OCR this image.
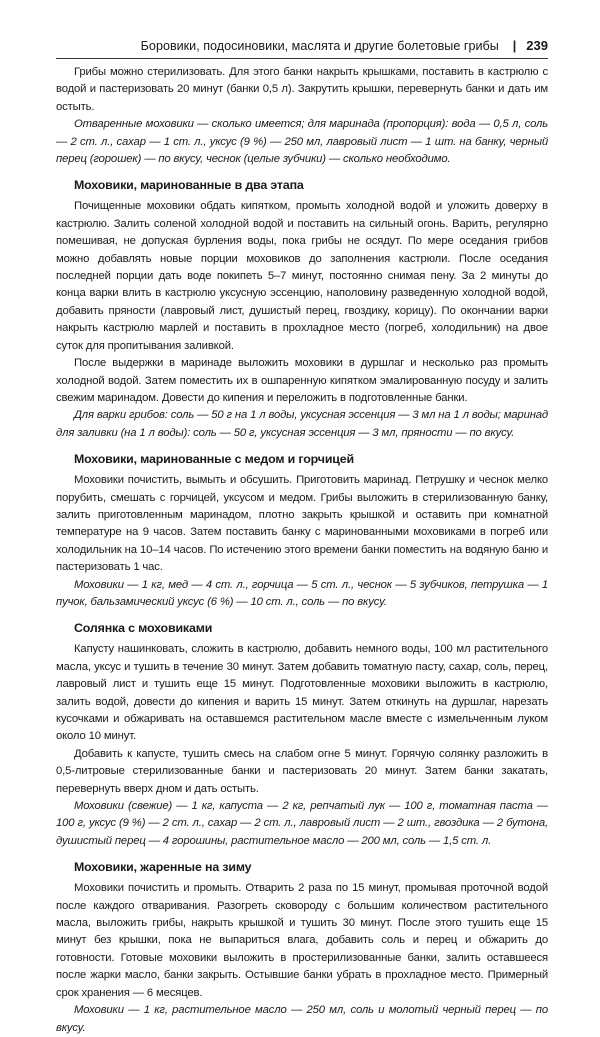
Боровики, подосиновики, маслята и другие болетовые грибы | 239

Грибы можно стерилизовать. Для этого банки накрыть крышками, поставить в кастрюлю с водой и пастеризовать 20 минут (банки 0,5 л). Закрутить крышки, перевернуть банки и дать им остыть.

Отваренные моховики — сколько имеется; для маринада (пропорция): вода — 0,5 л, соль — 2 ст. л., сахар — 1 ст. л., уксус (9 %) — 250 мл, лавровый лист — 1 шт. на банку, черный перец (горошек) — по вкусу, чеснок (целые зубчики) — сколько необходимо.

Моховики, маринованные в два этапа

Почищенные моховики обдать кипятком, промыть холодной водой и уложить доверху в кастрюлю. Залить соленой холодной водой и поставить на сильный огонь. Варить, регулярно помешивая, не допуская бурления воды, пока грибы не осядут. По мере оседания грибов можно добавлять новые порции моховиков до заполнения кастрюли. После оседания последней порции дать воде покипеть 5–7 минут, постоянно снимая пену. За 2 минуты до конца варки влить в кастрюлю уксусную эссенцию, наполовину разведенную холодной водой, добавить пряности (лавровый лист, душистый перец, гвоздику, корицу). По окончании варки накрыть кастрюлю марлей и поставить в прохладное место (погреб, холодильник) на двое суток для пропитывания заливкой.

После выдержки в маринаде выложить моховики в дуршлаг и несколько раз промыть холодной водой. Затем поместить их в ошпаренную кипятком эмалированную посуду и залить свежим маринадом. Довести до кипения и переложить в подготовленные банки.

Для варки грибов: соль — 50 г на 1 л воды, уксусная эссенция — 3 мл на 1 л воды; маринад для заливки (на 1 л воды): соль — 50 г, уксусная эссенция — 3 мл, пряности — по вкусу.

Моховики, маринованные с медом и горчицей

Моховики почистить, вымыть и обсушить. Приготовить маринад. Петрушку и чеснок мелко порубить, смешать с горчицей, уксусом и медом. Грибы выложить в стерилизованную банку, залить приготовленным маринадом, плотно закрыть крышкой и оставить при комнатной температуре на 9 часов. Затем поставить банку с маринованными моховиками в погреб или холодильник на 10–14 часов. По истечению этого времени банки поместить на водяную баню и пастеризовать 1 час.

Моховики — 1 кг, мед — 4 ст. л., горчица — 5 ст. л., чеснок — 5 зубчиков, петрушка — 1 пучок, бальзамический уксус (6 %) — 10 ст. л., соль — по вкусу.

Солянка с моховиками

Капусту нашинковать, сложить в кастрюлю, добавить немного воды, 100 мл растительного масла, уксус и тушить в течение 30 минут. Затем добавить томатную пасту, сахар, соль, перец, лавровый лист и тушить еще 15 минут. Подготовленные моховики выложить в кастрюлю, залить водой, довести до кипения и варить 15 минут. Затем откинуть на дуршлаг, нарезать кусочками и обжаривать на оставшемся растительном масле вместе с измельченным луком около 10 минут.

Добавить к капусте, тушить смесь на слабом огне 5 минут. Горячую солянку разложить в 0,5-литровые стерилизованные банки и пастеризовать 20 минут. Затем банки закатать, перевернуть вверх дном и дать остыть.

Моховики (свежие) — 1 кг, капуста — 2 кг, репчатый лук — 100 г, томатная паста — 100 г, уксус (9 %) — 2 ст. л., сахар — 2 ст. л., лавровый лист — 2 шт., гвоздика — 2 бутона, душистый перец — 4 горошины, растительное масло — 200 мл, соль — 1,5 ст. л.

Моховики, жаренные на зиму

Моховики почистить и промыть. Отварить 2 раза по 15 минут, промывая проточной водой после каждого отваривания. Разогреть сковороду с большим количеством растительного масла, выложить грибы, накрыть крышкой и тушить 30 минут. После этого тушить еще 15 минут без крышки, пока не выпариться влага, добавить соль и перец и обжарить до готовности. Готовые моховики выложить в простерилизованные банки, залить оставшееся после жарки масло, банки закрыть. Остывшие банки убрать в прохладное место. Примерный срок хранения — 6 месяцев.

Моховики — 1 кг, растительное масло — 250 мл, соль и молотый черный перец — по вкусу.
